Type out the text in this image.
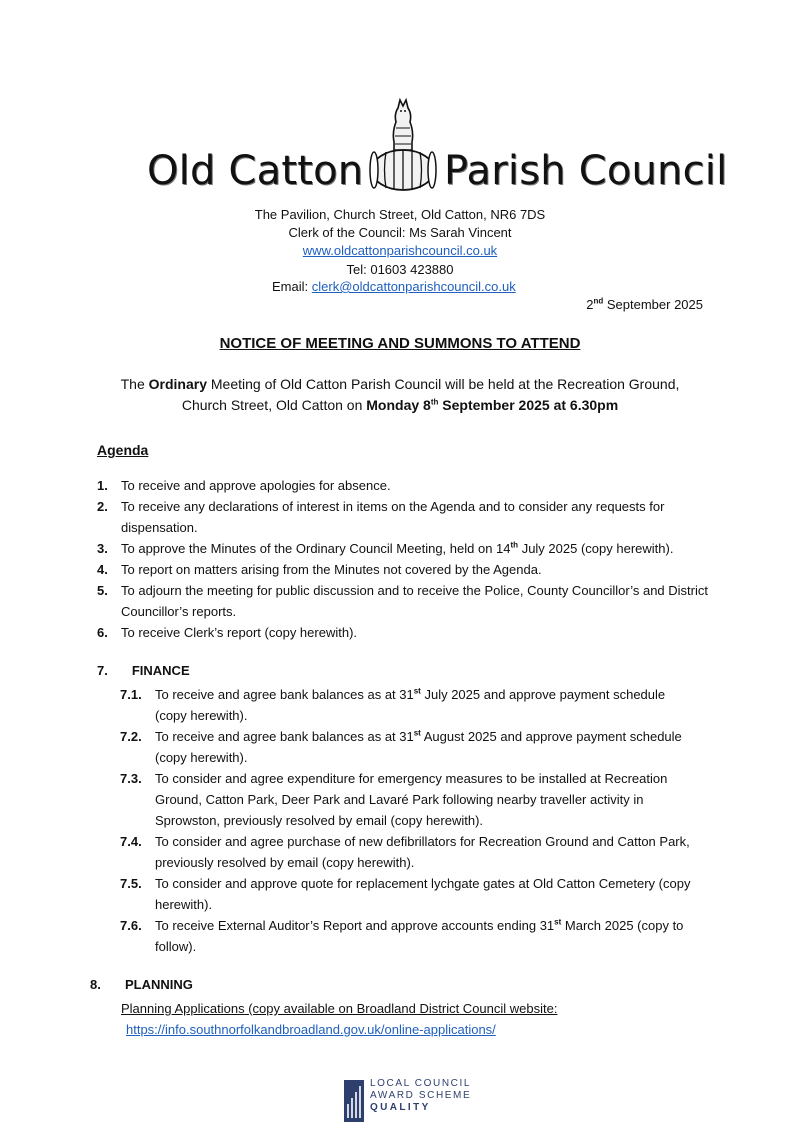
Old Catton Parish Council
The Pavilion, Church Street, Old Catton, NR6 7DS
Clerk of the Council: Ms Sarah Vincent
www.oldcattonparishcouncil.co.uk
Tel: 01603 423880
Email: clerk@oldcattonparishcouncil.co.uk
2nd September 2025
NOTICE OF MEETING AND SUMMONS TO ATTEND
The Ordinary Meeting of Old Catton Parish Council will be held at the Recreation Ground,
Church Street, Old Catton on Monday 8th September 2025 at 6.30pm
Agenda
1. To receive and approve apologies for absence.
2. To receive any declarations of interest in items on the Agenda and to consider any requests for dispensation.
3. To approve the Minutes of the Ordinary Council Meeting, held on 14th July 2025 (copy herewith).
4. To report on matters arising from the Minutes not covered by the Agenda.
5. To adjourn the meeting for public discussion and to receive the Police, County Councillor’s and District Councillor’s reports.
6. To receive Clerk’s report (copy herewith).
7. FINANCE
7.1. To receive and agree bank balances as at 31st July 2025 and approve payment schedule (copy herewith).
7.2. To receive and agree bank balances as at 31st August 2025 and approve payment schedule (copy herewith).
7.3. To consider and agree expenditure for emergency measures to be installed at Recreation Ground, Catton Park, Deer Park and Lavaré Park following nearby traveller activity in Sprowston, previously resolved by email (copy herewith).
7.4. To consider and agree purchase of new defibrillators for Recreation Ground and Catton Park, previously resolved by email (copy herewith).
7.5. To consider and approve quote for replacement lychgate gates at Old Catton Cemetery (copy herewith).
7.6. To receive External Auditor’s Report and approve accounts ending 31st March 2025 (copy to follow).
8. PLANNING
Planning Applications (copy available on Broadland District Council website:
https://info.southnorfolkandbroadland.gov.uk/online-applications/
LOCAL COUNCIL
AWARD SCHEME
QUALITY
